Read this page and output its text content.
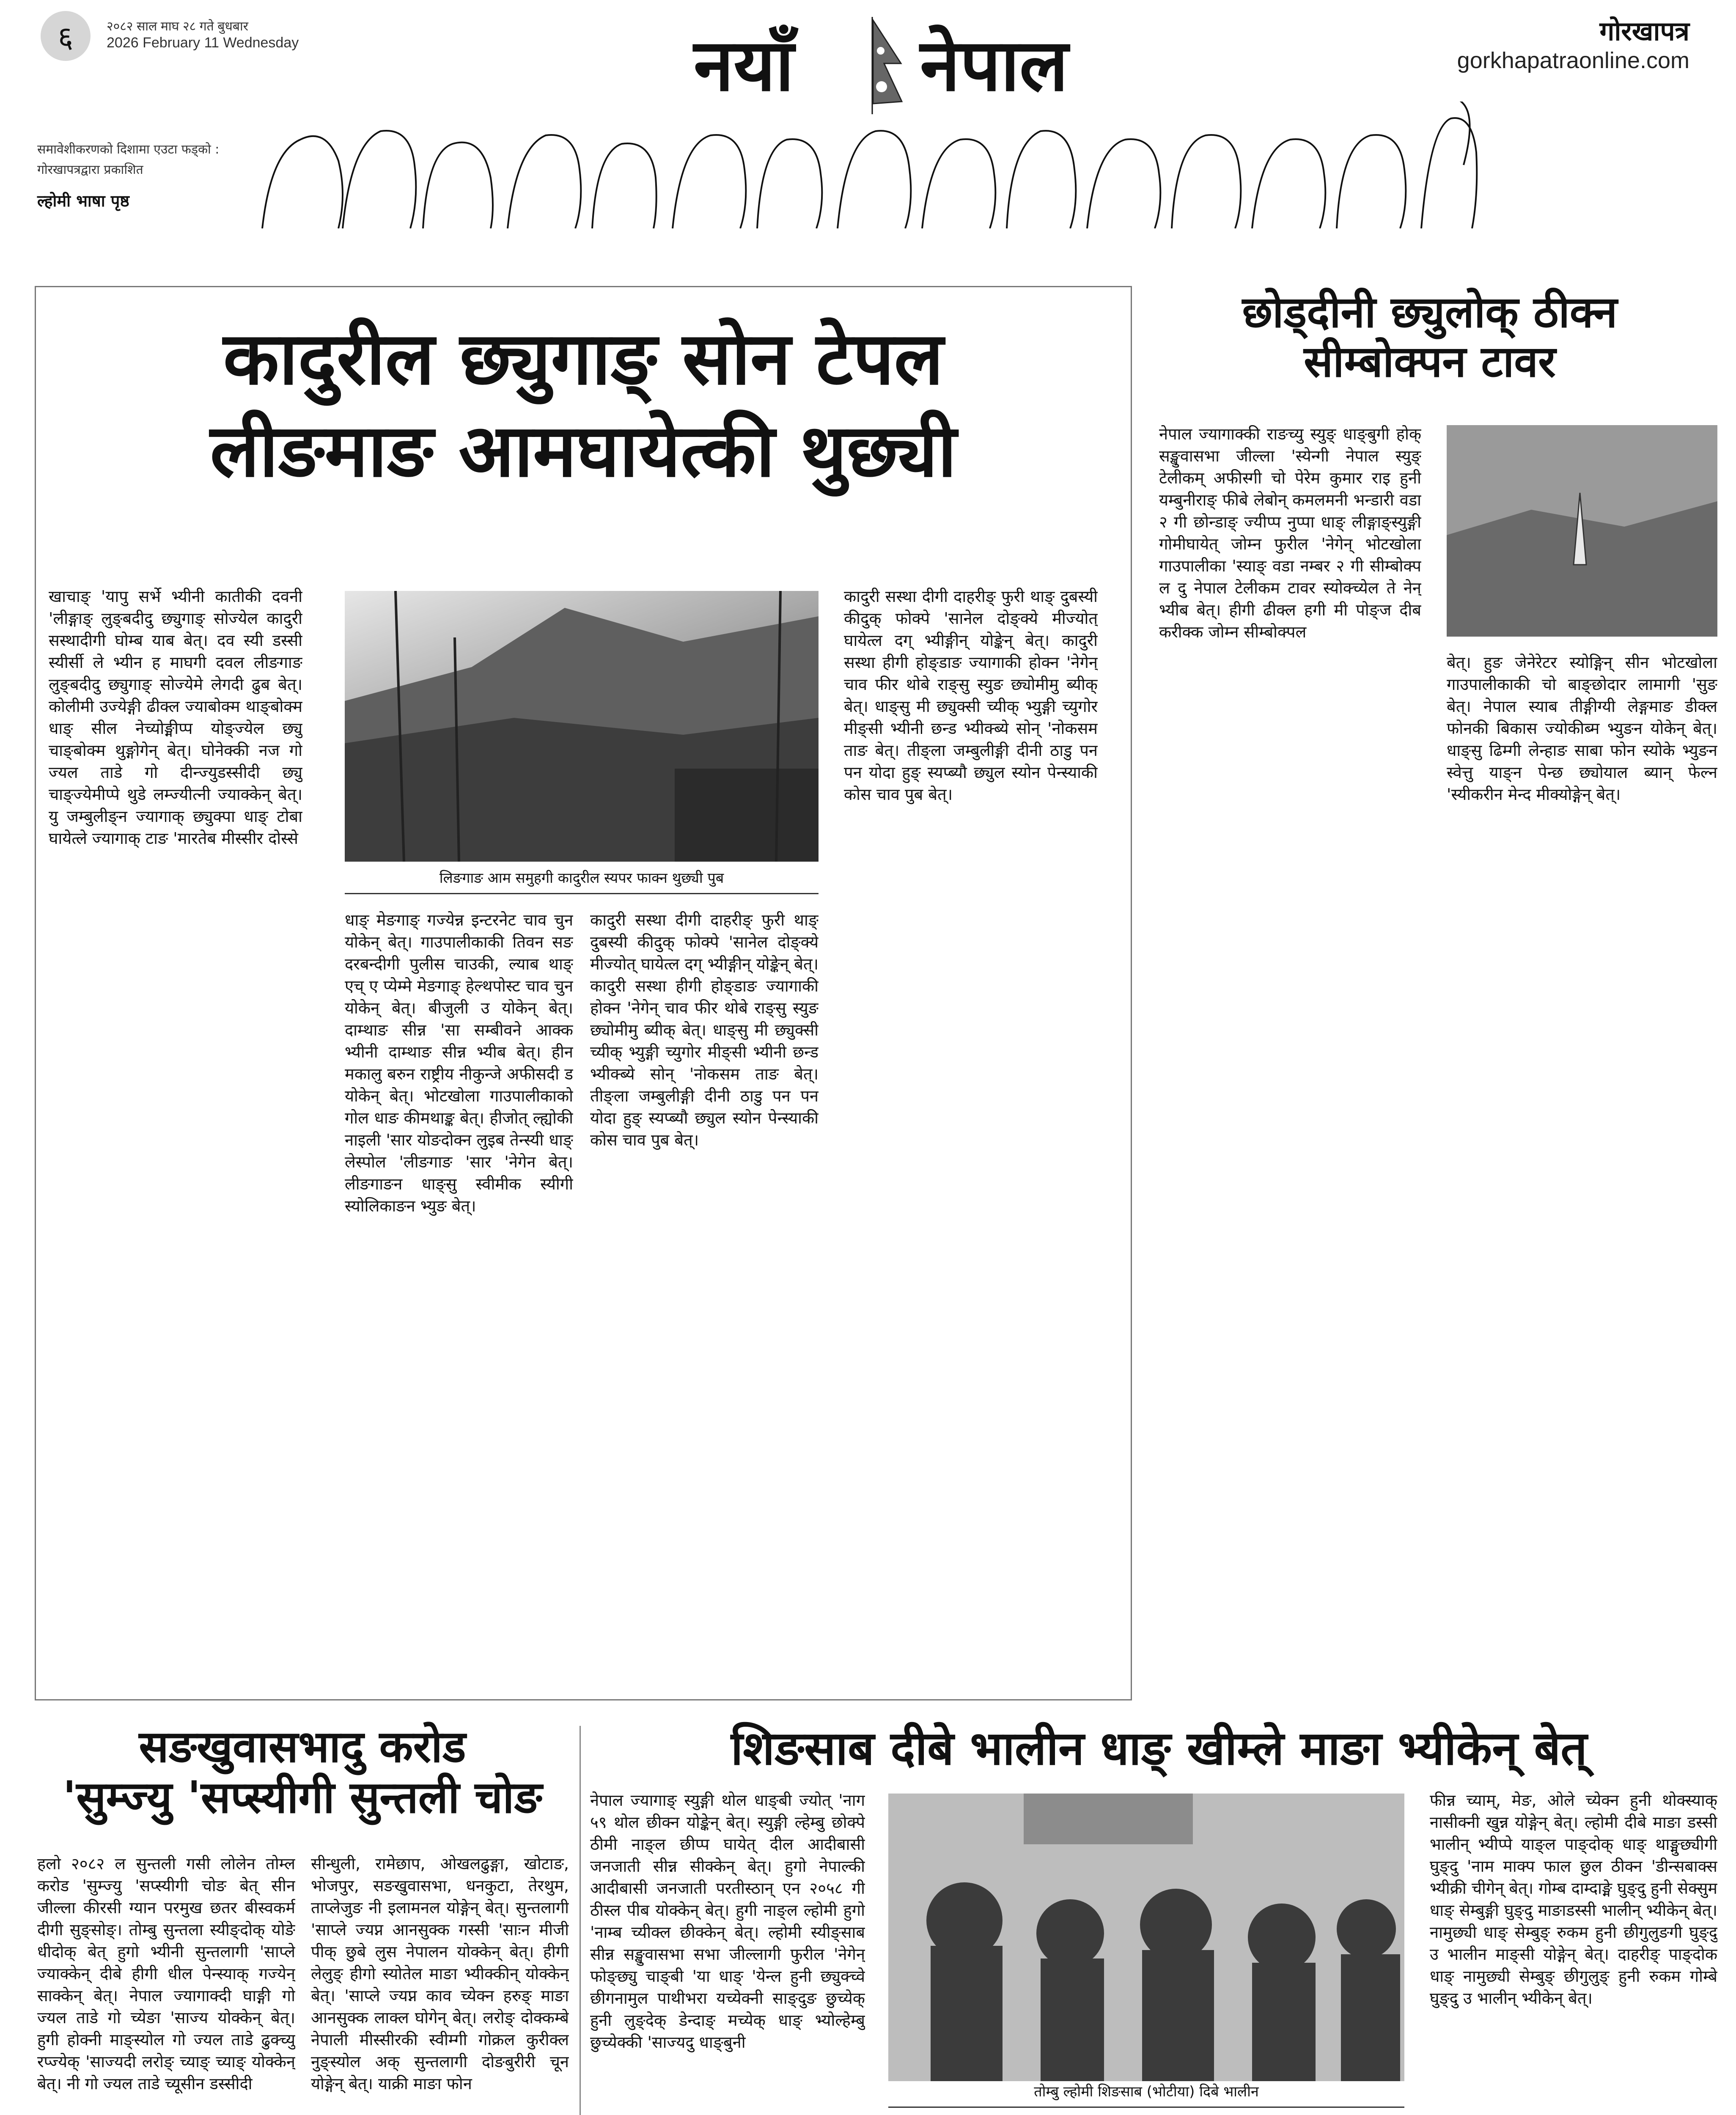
६	२०८२ साल माघ २८ गते बुधबार
2026 February 11 Wednesday
समावेशीकरणको दिशामा एउटा फड्को :
गोरखापत्रद्वारा प्रकाशित
ल्होमी भाषा पृष्ठ
नयाँ नेपाल	गोरखापत्र
gorkhapatraonline.com
कादुरील छ्युगाङ् सोन टेपल
लीङमाङ आमघायेत्की थुछ्यी
खाचाङ् 'यापु सर्भे भ्यीनी कातीकी दवनी 'लीङ्गाङ् लुङ्बदीदु छ्युगाङ् सोज्येल कादुरी सस्थादीगी घोम्ब याब बेत्। दव स्यी डस्सी स्यीर्सी ले भ्यीन ह माघगी दवल लीङगाङ लुङ्बदीदु छ्युगाङ् सोज्येमे लेगदी ढुब बेत्। कोलीमी उज्येङ्गी ढीक्ल ज्याबोक्म थाङ्बोक्म धाङ् सील नेच्योङ्मीप्प योङ्ज्येल छ्यु चाङ्बोक्म थुङ्गोगेन् बेत्। घोनेक्की नज गो ज्यल ताडे गो दीन्ज्युडस्सीदी छ्यु चाङ्ज्येमीप्पे थुडे लम्ज्यीत्नी ज्याक्केन् बेत्। यु जम्बुलीङ्न ज्यागाक् छ्युक्पा धाङ् टोबा घायेत्ले ज्यागाक् टाङ 'मारतेब मीस्सीर दोस्से
लिङगाङ आम समुहगी कादुरील स्यपर फाक्न थुछ्यी पुब
धाङ् मेङगाङ् गज्येन्न इन्टरनेट चाव चुन योकेन् बेत्। गाउपालीकाकी तिवन सङ दरबन्दीगी पुलीस चाउकी, ल्याब थाङ् एच् ए प्येम्मे मेङगाङ् हेल्थपोस्ट चाव चुन योकेन् बेत्। बीजुली उ योकेन् बेत्। दाम्थाङ सीन्न 'सा सम्बीवने आक्क भ्यीनी दाम्थाङ सीन्न भ्यीब बेत्। हीन मकालु बरुन राष्ट्रीय नीकुन्जे अफीसदी ड योकेन् बेत्। भोटखोला गाउपालीकाको गोल धाङ कीमथाङ्क बेत्। हीजोत् ल्ह्योकी नाइली 'सार योङदोक्न लुइब तेन्स्यी धाङ् लेस्पोल 'लीङगाङ 'सार 'नेगेन बेत्। लीङगाङन धाङ्सु स्वीमीक स्यीगी स्योलिकाङन भ्युङ बेत्।
कादुरी सस्था दीगी दाहरीङ् फुरी थाङ् दुबस्यी कीदुक् फोक्पे 'सानेल दोङ्क्ये मीज्योत् घायेत्ल दग् भ्यीङ्गीन् योङ्केन् बेत्। कादुरी सस्था हीगी होङ्डाङ ज्यागाकी होक्न 'नेगेन् चाव फीर थोबे राङ्सु स्युङ छ्योमीमु ब्यीक् बेत्। धाङ्सु मी छ्युक्सी च्यीक् भ्युङ्गी च्युगोर मीङ्सी भ्यीनी छन्ड भ्यीक्ब्ये सोन् 'नोकसम ताङ बेत्। तीङ्ला जम्बुलीङ्गी दीनी ठाडु पन पन योदा हुङ् स्यप्ब्यौ छ्युल स्योन पेन्स्याकी कोस चाव पुब बेत्।
कादुरी सस्था दीगी दाहरीङ् फुरी थाङ् दुबस्यी कीदुक् फोक्पे 'सानेल दोङ्क्ये मीज्योत् घायेत्ल दग् भ्यीङ्गीन् योङ्केन् बेत्। कादुरी सस्था हीगी होङ्डाङ ज्यागाकी होक्न 'नेगेन् चाव फीर थोबे राङ्सु स्युङ छ्योमीमु ब्यीक् बेत्। धाङ्सु मी छ्युक्सी च्यीक् भ्युङ्गी च्युगोर मीङ्सी भ्यीनी छन्ड भ्यीक्ब्ये सोन् 'नोकसम ताङ बेत्। तीङ्ला जम्बुलीङ्गी दीनी ठाडु पन पन योदा हुङ् स्यप्ब्यौ छ्युल स्योन पेन्स्याकी कोस चाव पुब बेत्।
छोड्दीनी छ्युलोक् ठीक्न
सीम्बोक्पन टावर
नेपाल ज्यागाक्की राङच्यु स्युङ् धाङ्बुगी होक् सङ्खुवासभा जील्ला 'स्येन्गी नेपाल स्युङ् टेलीकम् अफीस्गी चो पेरेम कुमार राइ हुनी यम्बुनीराङ् फीबे लेबोन् कमलमनी भन्डारी वडा २ गी छोन्डाङ् ज्यीप्प नुप्पा धाङ् लीङ्गाङ्स्युङ्गी गोमीघायेत् जोम्न फुरील 'नेगेन् भोटखोला गाउपालीका 'स्याङ् वडा नम्बर २ गी सीम्बोक्प ल दु नेपाल टेलीकम टावर स्योक्च्येल ते नेन् भ्यीब बेत्। हीगी ढीक्ल हगी मी पोङ्ज दीब करीक्क जोम्न सीम्बोक्पल
बेत्। हुङ जेनेरेटर स्योङ्गिन् सीन भोटखोला गाउपालीकाकी चो बाङ्छोदार लामागी 'सुङ बेत्। नेपाल स्याब तीङ्गीग्यी लेङ्गमाङ डीक्ल फोनकी बिकास ज्योकीब्म भ्युङन योकेन् बेत्। धाङ्सु ढिम्गी लेन्हाङ साबा फोन स्योके भ्युङन स्वेत्तु याङ्न पेन्छ छ्योयाल ब्यान् फेल्न 'स्यीकरीन मेन्द मीक्योङ्गेन् बेत्।
सङखुवासभादु करोड
'सुम्ज्यु 'सप्स्यीगी सुन्तली चोङ
हलो २०८२ ल सुन्तली गसी लोलेन तोम्ल करोड 'सुम्ज्यु 'सप्स्यीगी चोङ बेत् सीन जील्ला कीरसी ग्यान परमुख छतर बीस्वकर्म दीगी सुङ्सोङ्। तोम्बु सुन्तला स्यीङ्दोक् योङे धीदोक् बेत् हुगो भ्यीनी सुन्तलागी 'साप्ले ज्याक्केन् दीबे हीगी धील पेन्स्याक् गज्येन् साक्केन् बेत्। नेपाल ज्यागाक्दी घाङ्गी गो ज्यल ताडे गो च्येङा 'साज्य योक्केन् बेत्। हुगी होक्नी माङ्स्योल गो ज्यल ताडे ढुक्च्यु रप्ज्येक् 'साज्यदी लरोङ् च्याङ् च्याङ् योक्केन् बेत्। नी गो ज्यल ताडे च्यूसीन डस्सीदी
सीन्धुली, रामेछाप, ओखलढुङ्गा, खोटाङ, भोजपुर, सङखुवासभा, धनकुटा, तेरथुम, ताप्लेजुङ नी इलामनल योङ्गेन् बेत्। सुन्तलागी 'साप्ले ज्यप्न आनसुक्क गस्सी 'साःन मीजी पीक् छुबे लुस नेपालन योक्केन् बेत्। हीगी लेलुङ् हीगो स्योतेल माङा भ्यीक्कीन् योक्केन् बेत्। 'साप्ले ज्यप्न काव च्येक्न हरुङ् माङा आनसुक्क लाक्ल घोगेन् बेत्। लरोङ् दोक्कम्बे नेपाली मीस्सीरकी स्वीम्गी गोक्रल कुरीक्ल नुङ्स्योल अक् सुन्तलागी दोङबुरीरी चून योङ्गेन् बेत्। याक्री माङा फोन
शिङसाब दीबे भालीन धाङ् खीम्ले माङा भ्यीकेन् बेत्
नेपाल ज्यागाङ् स्युङ्गी थोल धाङ्बी ज्योत् 'नाग ५९ थोल छीक्न योङ्केन् बेत्। स्युङ्गी ल्हेम्बु छोक्पे ठीमी नाङ्ल छीप्प घायेत् दील आदीबासी जनजाती सीन्न सीक्केन् बेत्। हुगो नेपाल्की आदीबासी जनजाती परतीस्ठान् एन २०५८ गी ठीस्ल पीब योक्केन् बेत्। हुगी नाङ्ल ल्होमी हुगो 'नाम्ब च्यीक्ल छीक्केन् बेत्। ल्होमी स्यीङ्साब सीन्न सङ्खुवासभा सभा जील्लागी फुरील 'नेगेन् फोङ्छ्यु चाङ्बी 'या धाङ् 'येन्ल हुनी छ्युक्च्वे छीगनामुल पाथीभरा यच्येक्नी साङ्दुङ छुच्येक् हुनी लुङ्देक् डेन्दाङ् मच्येक् धाङ् भ्योल्हेम्बु छुच्येक्की 'साज्यदु धाङ्बुनी
तोम्बु ल्होमी शिङसाब (भोटीया) दिबे भालीन
फीन्न च्याम्, मेङ, ओले च्येक्न हुनी थोक्स्याक् नासीक्नी खुन्न योङ्गेन् बेत्। ल्होमी दीबे माङा डस्सी भालीन् भ्यीप्पे याङ्ल पाङ्दोक् धाङ् थाङ्मुछ्यीगी घुङ्दु 'नाम माक्प फाल छुल ठीक्न 'डीन्सबाक्स भ्यीक्री चीगेन् बेत्। गोम्ब दाम्दाङ्मे घुङ्दु हुनी सेक्सुम धाङ् सेम्बुङ्गी घुङ्दु माङाडस्सी भालीन् भ्यीकेन् बेत्। नामुछ्यी धाङ् सेम्बुङ् रुकम हुनी छीगुलुङगी घुङ्दु उ भालीन माङ्सी योङ्गेन् बेत्। दाहरीङ् पाङ्दोक धाङ् नामुछ्यी सेम्बुङ् छीगुलुङ् हुनी रुकम गोम्बे घुङ्दु उ भालीन् भ्यीकेन् बेत्।
